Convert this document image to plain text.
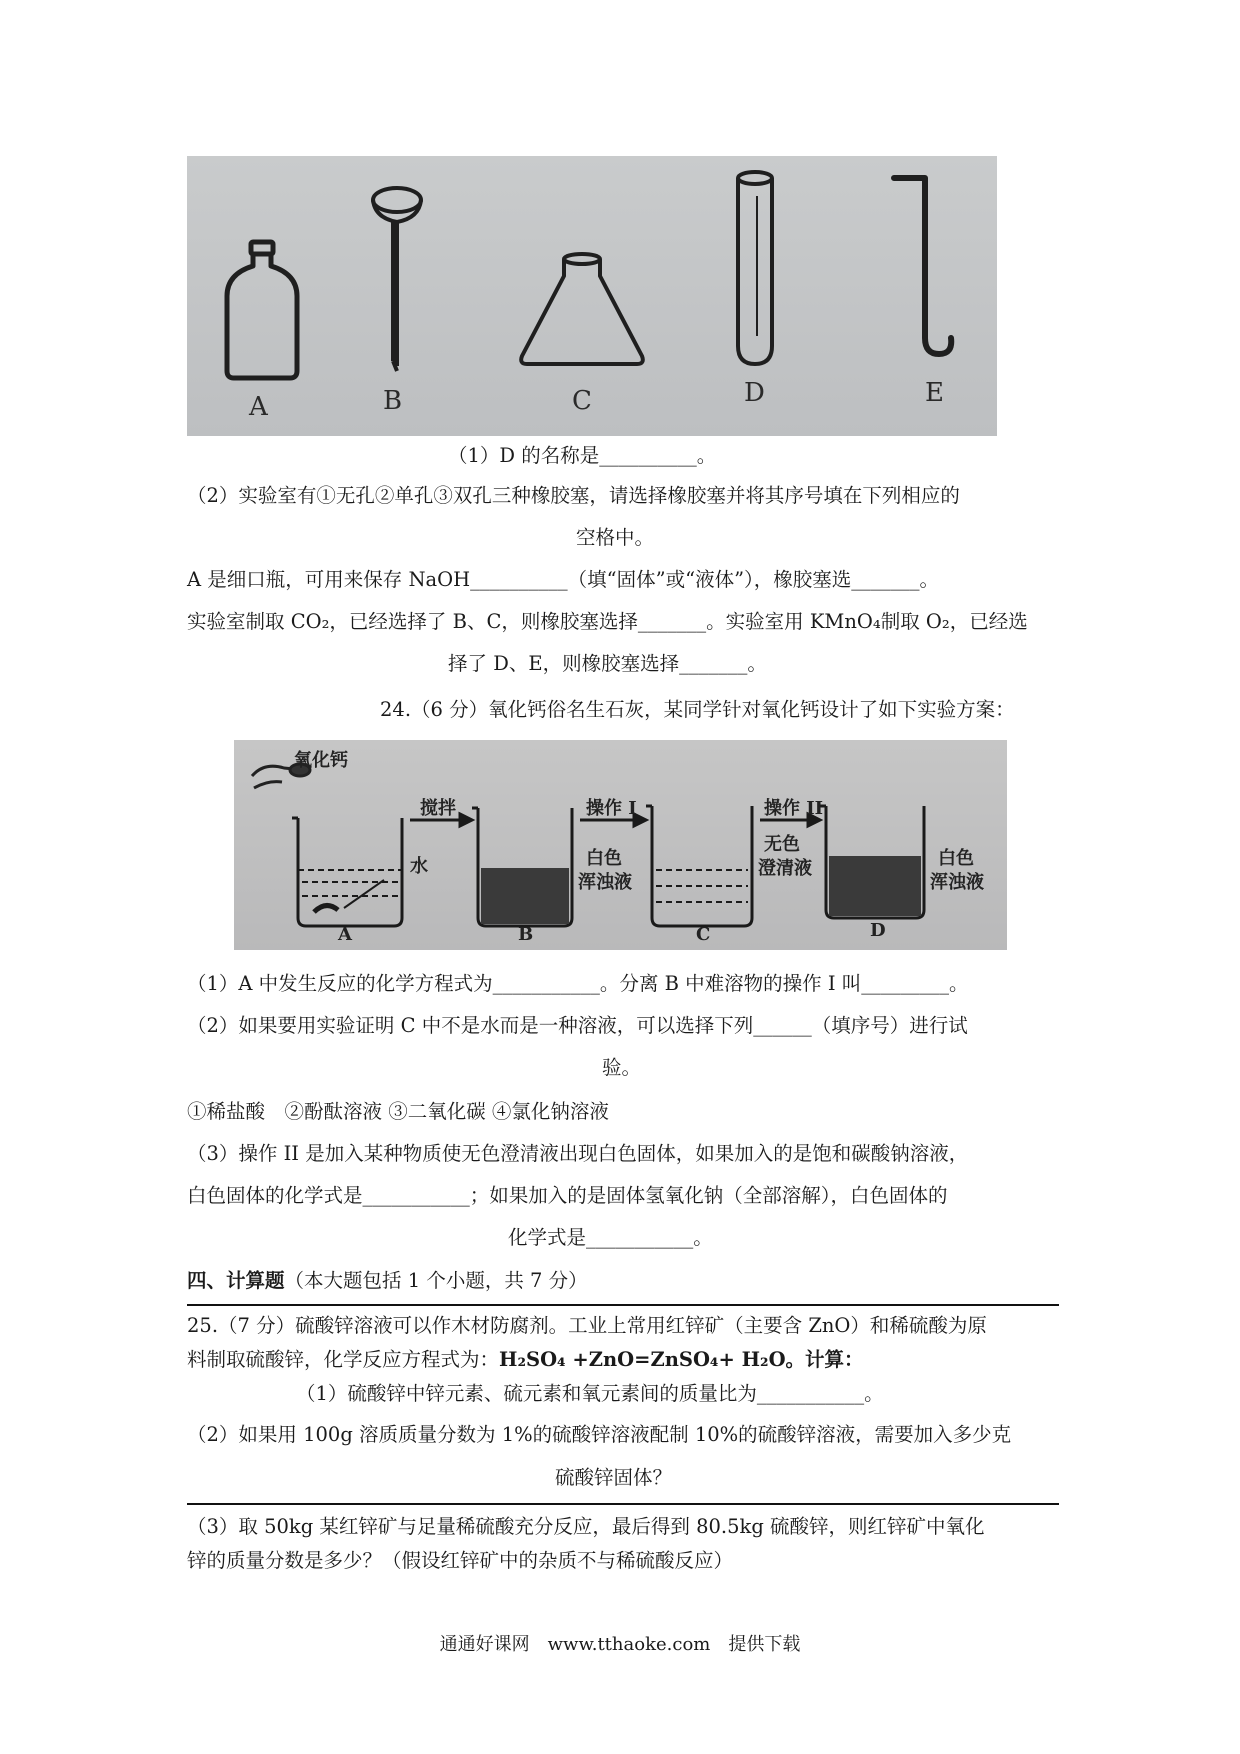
A	B	C	D	E
（1）D 的名称是__________。
（2）实验室有①无孔②单孔③双孔三种橡胶塞，请选择橡胶塞并将其序号填在下列相应的
空格中。
A 是细口瓶，可用来保存 NaOH__________（填“固体”或“液体”），橡胶塞选_______。
实验室制取 CO₂，已经选择了 B、C，则橡胶塞选择_______。实验室用 KMnO₄制取 O₂，已经选
择了 D、E，则橡胶塞选择_______。
24.（6 分）氧化钙俗名生石灰，某同学针对氧化钙设计了如下实验方案：
氧化钙
搅拌	操作 I	操作 II
水	白色
浑浊液
无色
澄清液	白色
浑浊液
A	B	C	D
（1）A 中发生反应的化学方程式为___________。分离 B 中难溶物的操作 I 叫_________。
（2）如果要用实验证明 C 中不是水而是一种溶液，可以选择下列______（填序号）进行试
验。
①稀盐酸　②酚酞溶液 ③二氧化碳 ④氯化钠溶液
（3）操作 II 是加入某种物质使无色澄清液出现白色固体，如果加入的是饱和碳酸钠溶液，
白色固体的化学式是___________；如果加入的是固体氢氧化钠（全部溶解），白色固体的
化学式是___________。
四、计算题（本大题包括 1 个小题，共 7 分）
25.（7 分）硫酸锌溶液可以作木材防腐剂。工业上常用红锌矿（主要含 ZnO）和稀硫酸为原
料制取硫酸锌，化学反应方程式为：H₂SO₄ +ZnO=ZnSO₄+ H₂O。计算：
（1）硫酸锌中锌元素、硫元素和氧元素间的质量比为___________。
（2）如果用 100g 溶质质量分数为 1%的硫酸锌溶液配制 10%的硫酸锌溶液，需要加入多少克
硫酸锌固体？
（3）取 50kg 某红锌矿与足量稀硫酸充分反应，最后得到 80.5kg 硫酸锌，则红锌矿中氧化
锌的质量分数是多少？（假设红锌矿中的杂质不与稀硫酸反应）
通通好课网　www.tthaoke.com　提供下载
